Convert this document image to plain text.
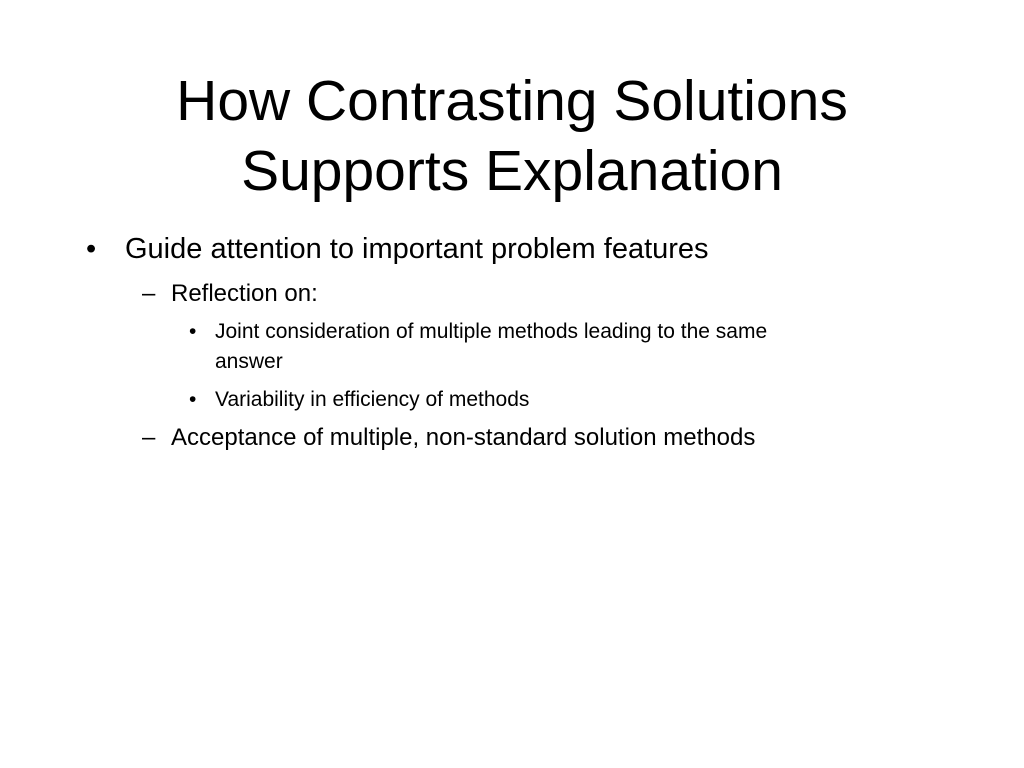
How Contrasting Solutions
Supports Explanation
• Guide attention to important problem features
– Reflection on:
• Joint consideration of multiple methods leading to the same
answer
• Variability in efficiency of methods
– Acceptance of multiple, non-standard solution methods
